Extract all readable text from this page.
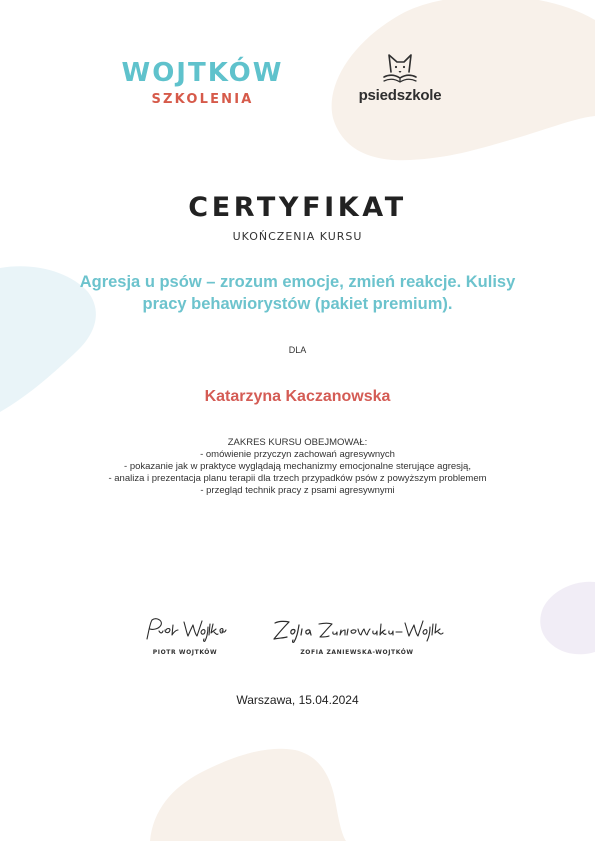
WOJTKÓW
SZKOLENIA	psiedszkole
CERTYFIKAT
UKOŃCZENIA KURSU
Agresja u psów – zrozum emocje, zmień reakcje. Kulisy
pracy behawiorystów (pakiet premium).
DLA
Katarzyna Kaczanowska
ZAKRES KURSU OBEJMOWAŁ:
- omówienie przyczyn zachowań agresywnych
- pokazanie jak w praktyce wyglądają mechanizmy emocjonalne sterujące agresją,
- analiza i prezentacja planu terapii dla trzech przypadków psów z powyższym problemem
- przegląd technik pracy z psami agresywnymi
PIOTR WOJTKÓW	ZOFIA ZANIEWSKA-WOJTKÓW
Warszawa, 15.04.2024
